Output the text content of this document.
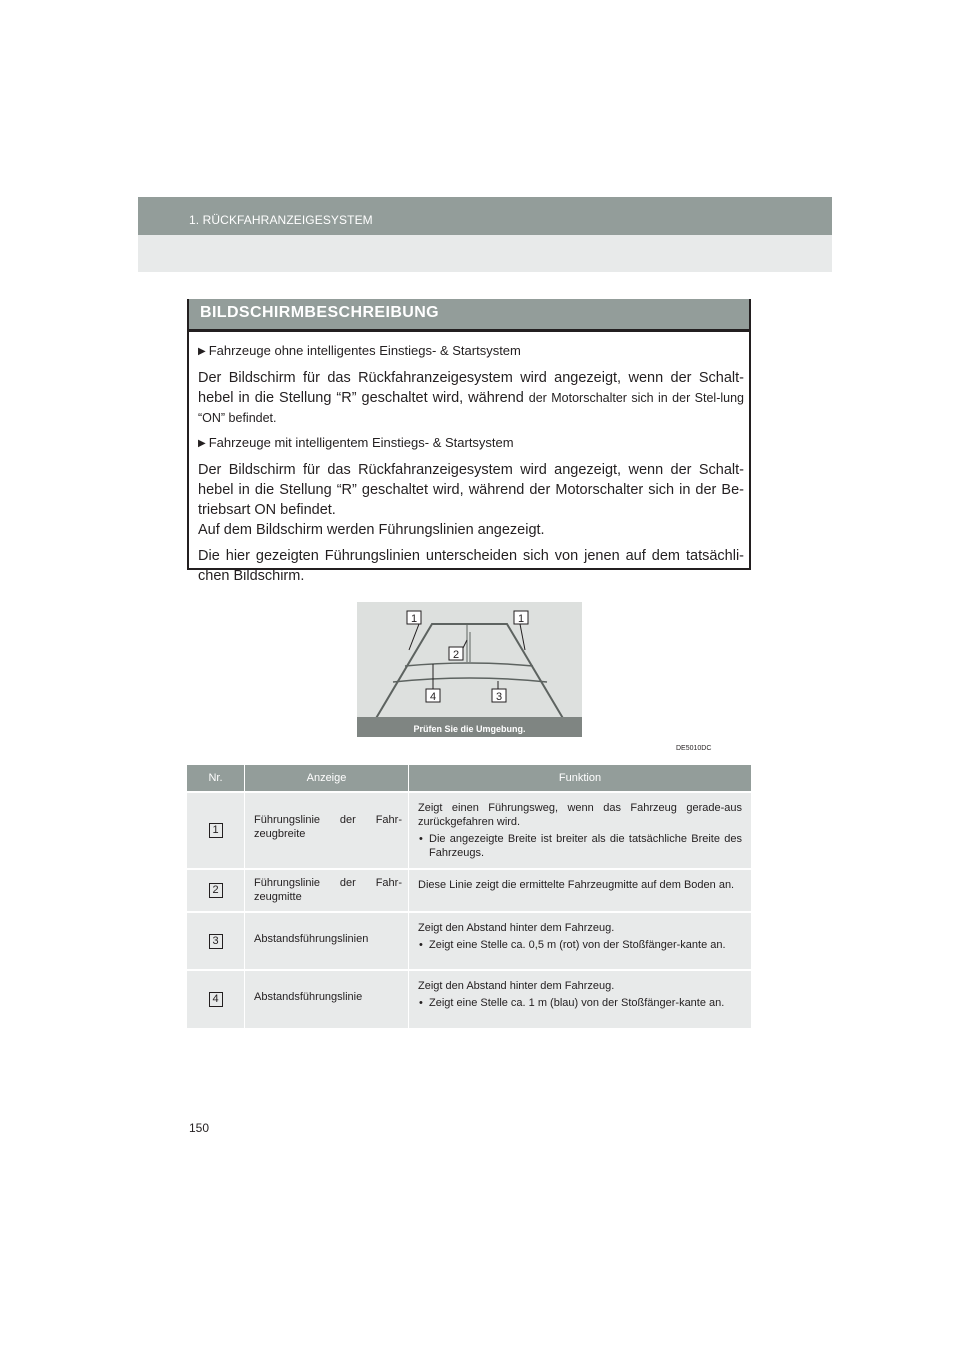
1. RÜCKFAHRANZEIGESYSTEM
BILDSCHIRMBESCHREIBUNG

▶ Fahrzeuge ohne intelligentes Einstiegs- & Startsystem

Der Bildschirm für das Rückfahranzeigesystem wird angezeigt, wenn der Schalt-hebel in die Stellung “R” geschaltet wird, während der Motorschalter sich in der Stel-lung “ON” befindet.

▶ Fahrzeuge mit intelligentem Einstiegs- & Startsystem

Der Bildschirm für das Rückfahranzeigesystem wird angezeigt, wenn der Schalt-hebel in die Stellung “R” geschaltet wird, während der Motorschalter sich in der Be-triebsart ON befindet.

Auf dem Bildschirm werden Führungslinien angezeigt.

Die hier gezeigten Führungslinien unterscheiden sich von jenen auf dem tatsächli-chen Bildschirm.

1	1
2
4	3
Prüfen Sie die Umgebung.
DE5010DC
Nr.	Anzeige	Funktion
1	Führungslinie der Fahr-zeugbreite	Zeigt einen Führungsweg, wenn das Fahrzeug gerade-aus zurückgefahren wird.
• Die angezeigte Breite ist breiter als die tatsächliche Breite des Fahrzeugs.

2	Führungslinie der Fahr-zeugmitte	Diese Linie zeigt die ermittelte Fahrzeugmitte auf dem Boden an.

3	Abstandsführungslinien	Zeigt den Abstand hinter dem Fahrzeug.
• Zeigt eine Stelle ca. 0,5 m (rot) von der Stoßfänger-kante an.

4	Abstandsführungslinie	Zeigt den Abstand hinter dem Fahrzeug.
• Zeigt eine Stelle ca. 1 m (blau) von der Stoßfänger-kante an.
150
